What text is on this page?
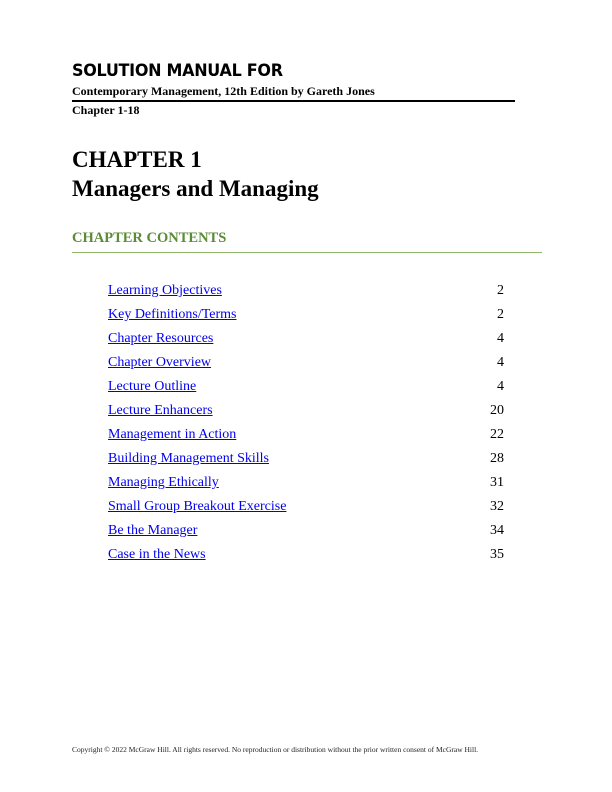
SOLUTION MANUAL FOR
Contemporary Management, 12th Edition by Gareth Jones
Chapter 1-18
CHAPTER 1
Managers and Managing
CHAPTER CONTENTS
Learning Objectives	2
Key Definitions/Terms	2
Chapter Resources	4
Chapter Overview	4
Lecture Outline	4
Lecture Enhancers	20
Management in Action	22
Building Management Skills	28
Managing Ethically	31
Small Group Breakout Exercise	32
Be the Manager	34
Case in the News	35
Copyright © 2022 McGraw Hill. All rights reserved. No reproduction or distribution without the prior written consent of McGraw Hill.
